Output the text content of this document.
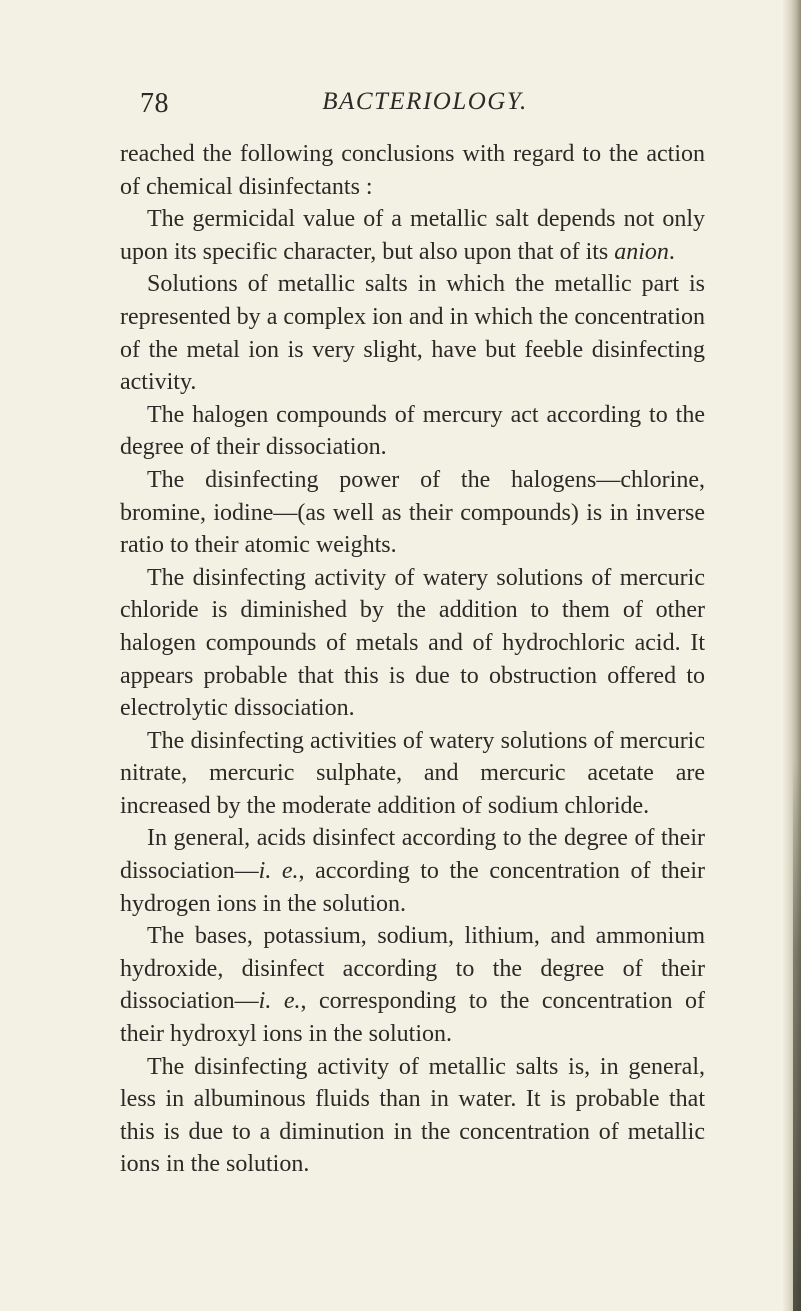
78	BACTERIOLOGY.

reached the following conclusions with regard to the action of chemical disinfectants :

The germicidal value of a metallic salt depends not only upon its specific character, but also upon that of its anion.

Solutions of metallic salts in which the metallic part is represented by a complex ion and in which the concentration of the metal ion is very slight, have but feeble disinfecting activity.

The halogen compounds of mercury act according to the degree of their dissociation.

The disinfecting power of the halogens—chlorine, bromine, iodine—(as well as their compounds) is in inverse ratio to their atomic weights.

The disinfecting activity of watery solutions of mercuric chloride is diminished by the addition to them of other halogen compounds of metals and of hydrochloric acid. It appears probable that this is due to obstruction offered to electrolytic dissociation.

The disinfecting activities of watery solutions of mercuric nitrate, mercuric sulphate, and mercuric acetate are increased by the moderate addition of sodium chloride.

In general, acids disinfect according to the degree of their dissociation—i. e., according to the concentration of their hydrogen ions in the solution.

The bases, potassium, sodium, lithium, and ammonium hydroxide, disinfect according to the degree of their dissociation—i. e., corresponding to the concentration of their hydroxyl ions in the solution.

The disinfecting activity of metallic salts is, in general, less in albuminous fluids than in water. It is probable that this is due to a diminution in the concentration of metallic ions in the solution.
